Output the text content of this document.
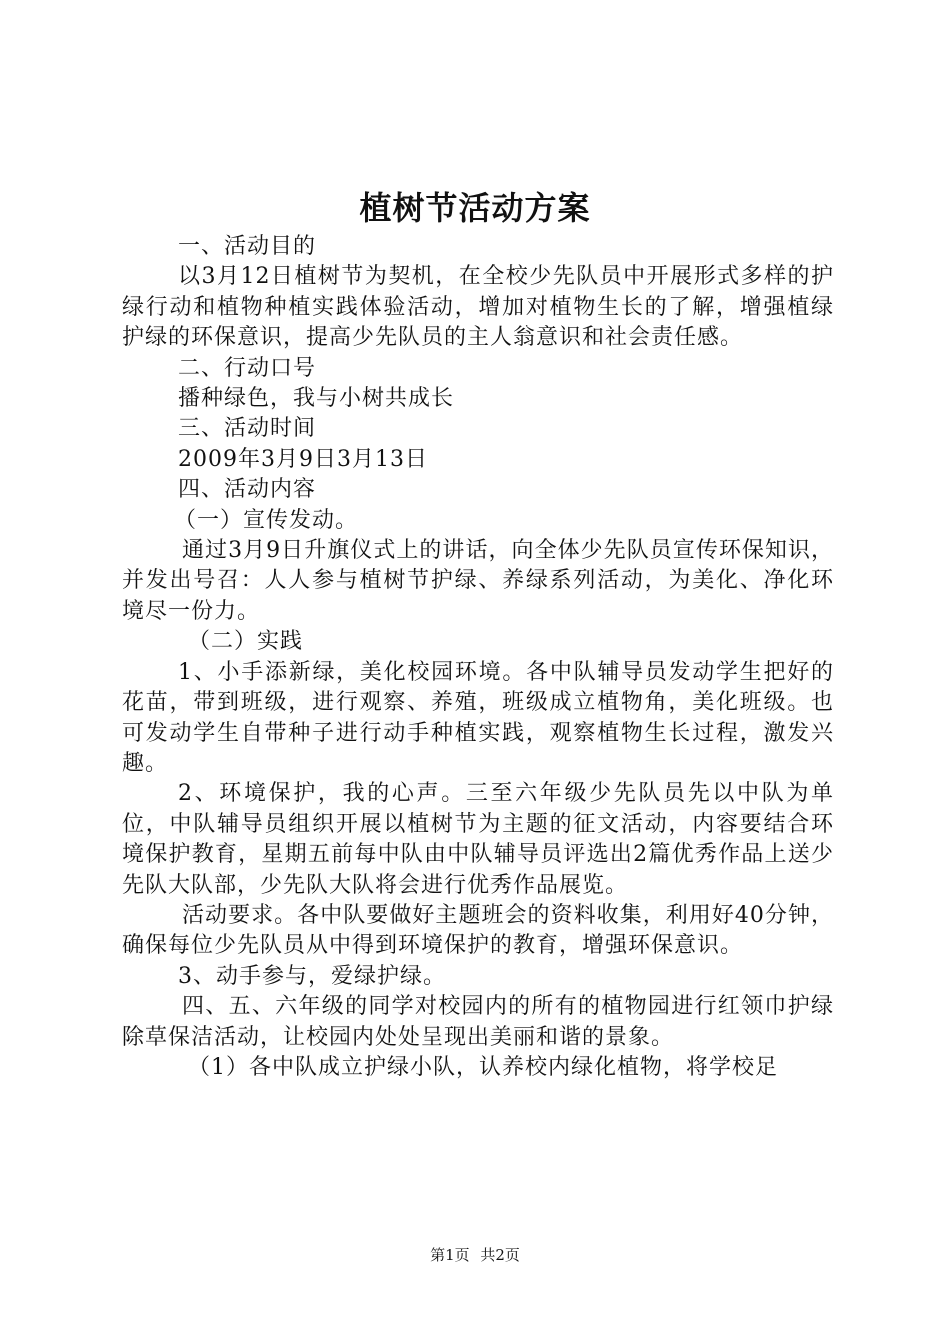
植树节活动方案

一、活动目的

以3月12日植树节为契机，在全校少先队员中开展形式多样的护绿行动和植物种植实践体验活动，增加对植物生长的了解，增强植绿护绿的环保意识，提高少先队员的主人翁意识和社会责任感。

二、行动口号

播种绿色，我与小树共成长

三、活动时间

2009年3月9日3月13日

四、活动内容

（一）宣传发动。

通过3月9日升旗仪式上的讲话，向全体少先队员宣传环保知识，并发出号召：人人参与植树节护绿、养绿系列活动，为美化、净化环境尽一份力。

（二）实践

1、小手添新绿，美化校园环境。各中队辅导员发动学生把好的花苗，带到班级，进行观察、养殖，班级成立植物角，美化班级。也可发动学生自带种子进行动手种植实践，观察植物生长过程，激发兴趣。

2、环境保护，我的心声。三至六年级少先队员先以中队为单位，中队辅导员组织开展以植树节为主题的征文活动，内容要结合环境保护教育，星期五前每中队由中队辅导员评选出2篇优秀作品上送少先队大队部，少先队大队将会进行优秀作品展览。

活动要求。各中队要做好主题班会的资料收集，利用好40分钟，确保每位少先队员从中得到环境保护的教育，增强环保意识。

3、动手参与，爱绿护绿。

四、五、六年级的同学对校园内的所有的植物园进行红领巾护绿除草保洁活动，让校园内处处呈现出美丽和谐的景象。

（1）各中队成立护绿小队，认养校内绿化植物，将学校足

第1页 共2页
